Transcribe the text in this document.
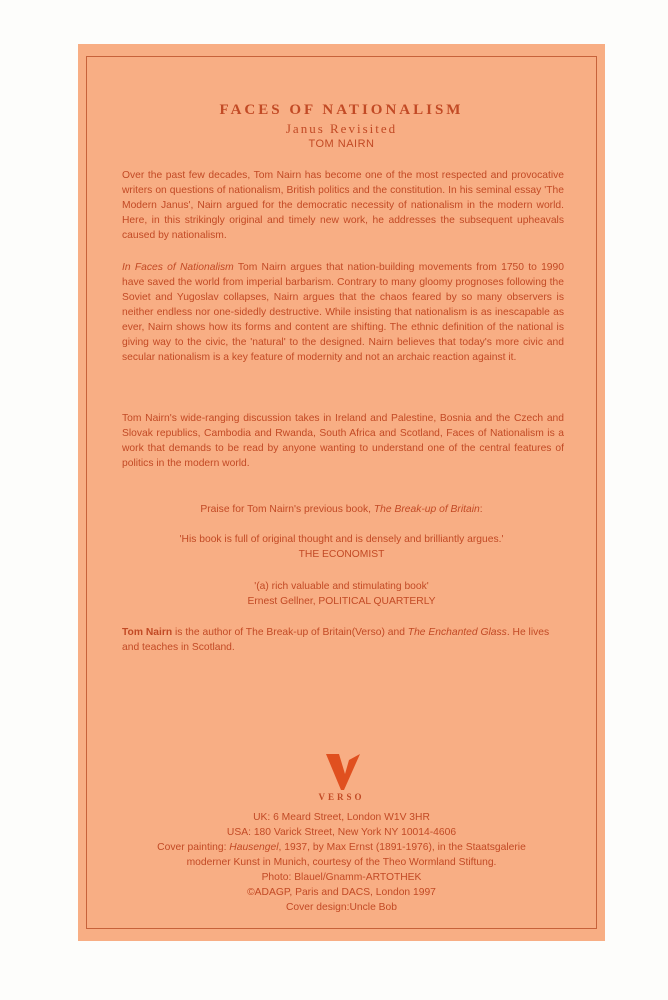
FACES OF NATIONALISM
Janus Revisited
TOM NAIRN

Over the past few decades, Tom Nairn has become one of the most respected and provocative writers on questions of nationalism, British politics and the constitution. In his seminal essay 'The Modern Janus', Nairn argued for the democratic necessity of nationalism in the modern world. Here, in this strikingly original and timely new work, he addresses the subsequent upheavals caused by nationalism.

In Faces of Nationalism Tom Nairn argues that nation-building movements from 1750 to 1990 have saved the world from imperial barbarism. Contrary to many gloomy prognoses following the Soviet and Yugoslav collapses, Nairn argues that the chaos feared by so many observers is neither endless nor one-sidedly destructive. While insisting that nationalism is as inescapable as ever, Nairn shows how its forms and content are shifting. The ethnic definition of the national is giving way to the civic, the 'natural' to the designed. Nairn believes that today's more civic and secular nationalism is a key feature of modernity and not an archaic reaction against it.

Tom Nairn's wide-ranging discussion takes in Ireland and Palestine, Bosnia and the Czech and Slovak republics, Cambodia and Rwanda, South Africa and Scotland, Faces of Nationalism is a work that demands to be read by anyone wanting to understand one of the central features of politics in the modern world.

Praise for Tom Nairn's previous book, The Break-up of Britain:

'His book is full of original thought and is densely and brilliantly argues.'

THE ECONOMIST

'(a) rich valuable and stimulating book'

Ernest Gellner, POLITICAL QUARTERLY

Tom Nairn is the author of The Break-up of Britain(Verso) and The Enchanted Glass. He lives and teaches in Scotland.

VERSO

UK: 6 Meard Street, London W1V 3HR

USA: 180 Varick Street, New York NY 10014-4606

Cover painting: Hausengel, 1937, by Max Ernst (1891-1976), in the Staatsgalerie

moderner Kunst in Munich, courtesy of the Theo Wormland Stiftung.

Photo: Blauel/Gnamm-ARTOTHEK

©ADAGP, Paris and DACS, London 1997

Cover design:Uncle Bob
